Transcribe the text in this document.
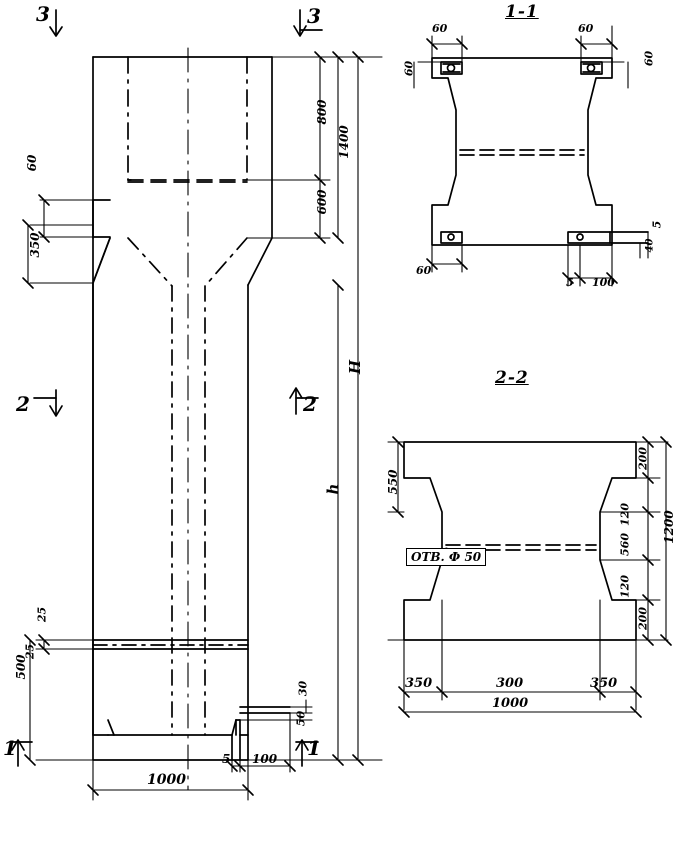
1-1
2-2
3	3
2	2
1	1
800
1400
600
350
60
H
h
500
25
25
30
50
5 100
1000
60
60
60
60
60
5 100
5
40
550
ОТВ. Ф 50
200
120
560
120
200
1200
350	300	350
1000
